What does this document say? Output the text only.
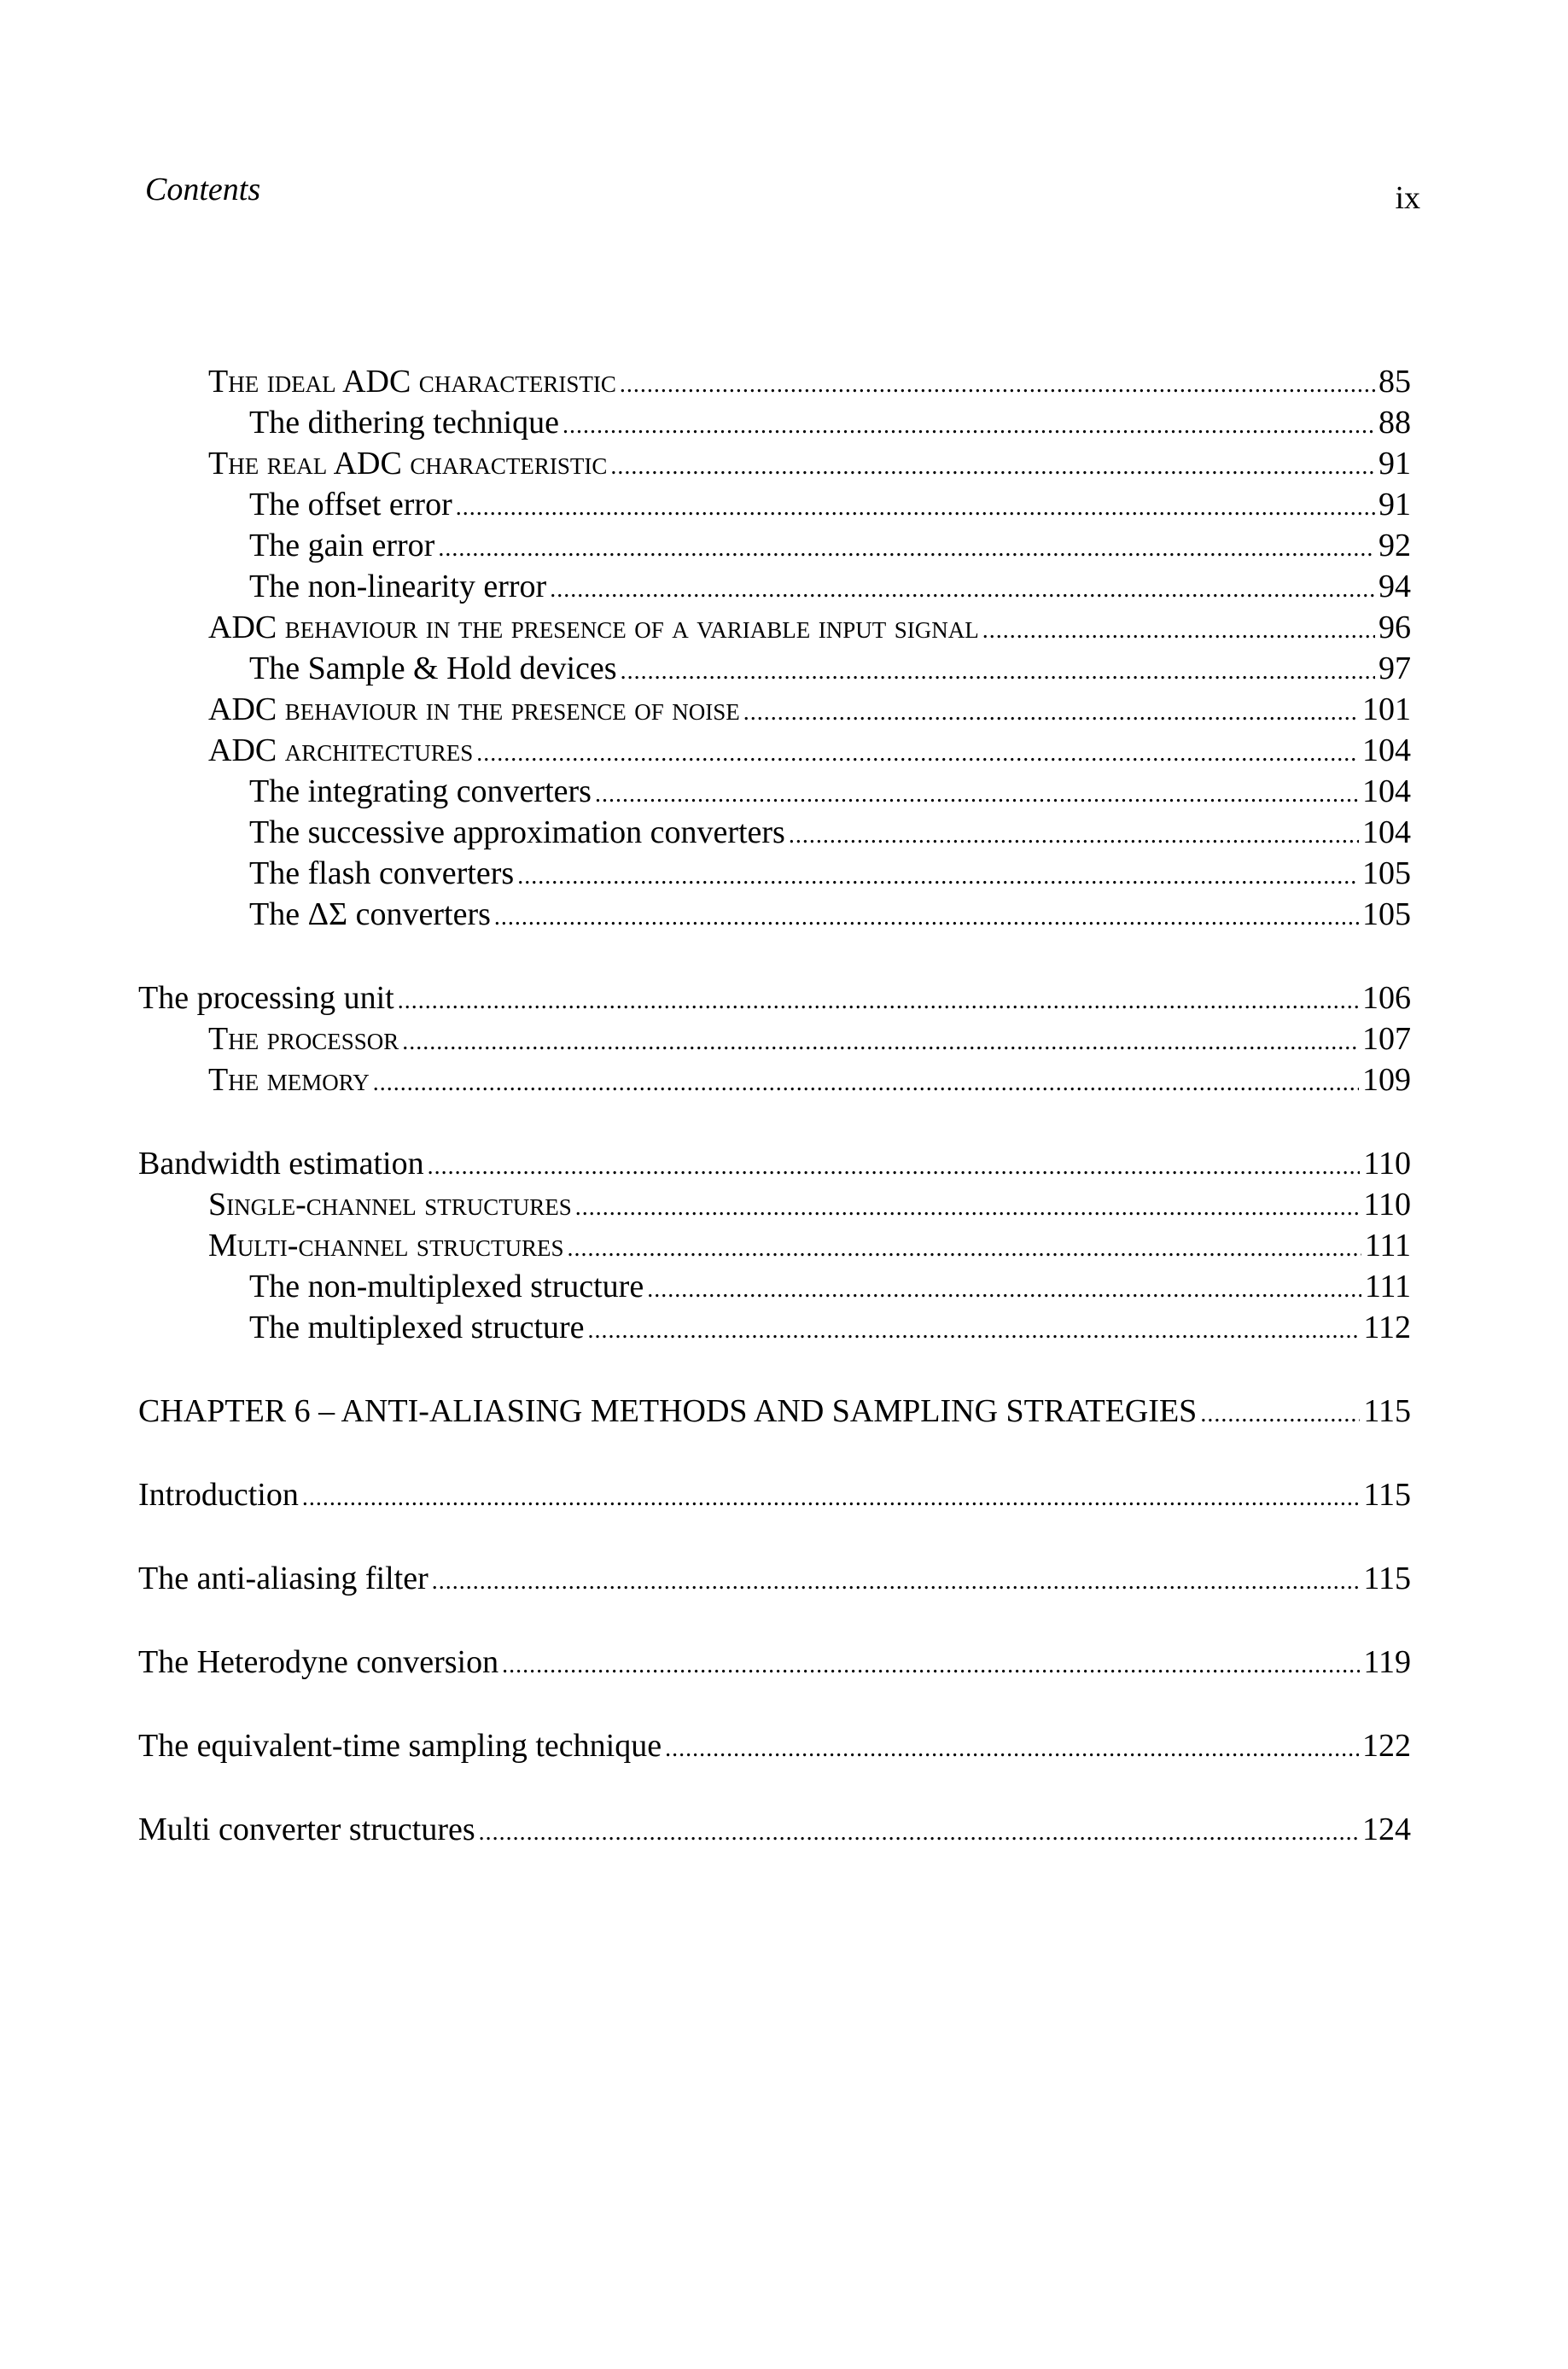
Contents	ix
The ideal ADC characteristic .....	85
The dithering technique .....	88
The real ADC characteristic .....	91
The offset error .....	91
The gain error .....	92
The non-linearity error .....	94
ADC behaviour in the presence of a variable input signal .....	96
The Sample & Hold devices .....	97
ADC behaviour in the presence of noise .....	101
ADC architectures .....	104
The integrating converters .....	104
The successive approximation converters .....	104
The flash converters .....	105
The ΔΣ converters .....	105
The processing unit .....	106
The processor .....	107
The memory .....	109
Bandwidth estimation .....	110
Single-channel structures .....	110
Multi-channel structures .....	111
The non-multiplexed structure .....	111
The multiplexed structure .....	112
CHAPTER 6 – ANTI-ALIASING METHODS AND SAMPLING STRATEGIES .....	115
Introduction .....	115
The anti-aliasing filter .....	115
The Heterodyne conversion .....	119
The equivalent-time sampling technique .....	122
Multi converter structures .....	124
